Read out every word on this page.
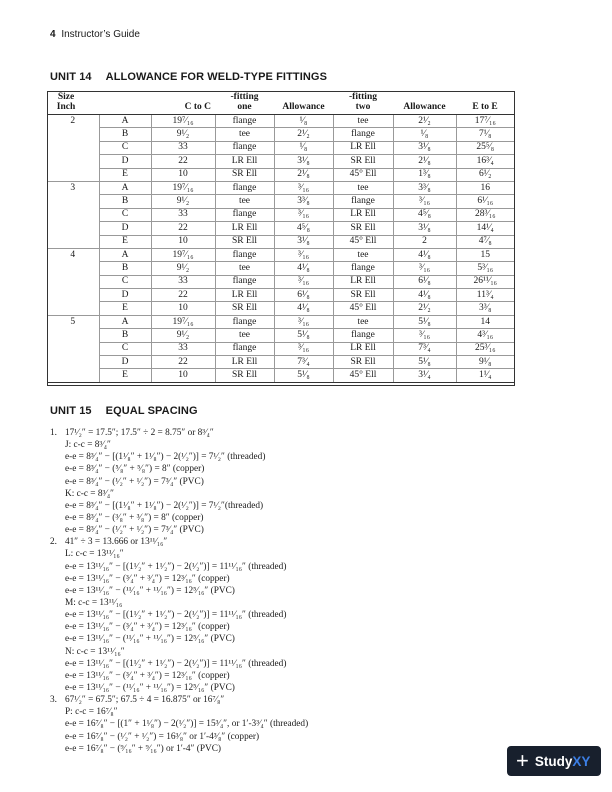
4 Instructor’s Guide
UNIT 14 ALLOWANCE FOR WELD-TYPE FITTINGS
Size Inch		C to C	-fitting one	Allowance	-fitting two	Allowance	E to E
2	A	19⁷⁄₁₆	flange	¹⁄₈	tee	2¹⁄₂	17⁷⁄₁₆
	B	9¹⁄₂	tee	2¹⁄₂	flange	¹⁄₈	7¹⁄₈
	C	33	flange	¹⁄₈	LR Ell	3¹⁄₈	25⁵⁄₈
	D	22	LR Ell	3¹⁄₈	SR Ell	2¹⁄₈	16³⁄₄
	E	10	SR Ell	2¹⁄₈	45° Ell	1³⁄₈	6¹⁄₂
3	A	19⁷⁄₁₆	flange	³⁄₁₆	tee	3³⁄₈	16
	B	9¹⁄₂	tee	3³⁄₈	flange	³⁄₁₆	6¹⁄₁₆
	C	33	flange	³⁄₁₆	LR Ell	4⁵⁄₈	28³⁄₁₆
	D	22	LR Ell	4⁵⁄₈	SR Ell	3¹⁄₈	14¹⁄₄
	E	10	SR Ell	3¹⁄₈	45° Ell	2	4⁷⁄₈
4	A	19⁷⁄₁₆	flange	³⁄₁₆	tee	4¹⁄₈	15
	B	9¹⁄₂	tee	4¹⁄₈	flange	³⁄₁₆	5³⁄₁₆
	C	33	flange	³⁄₁₆	LR Ell	6¹⁄₈	26¹¹⁄₁₆
	D	22	LR Ell	6¹⁄₈	SR Ell	4¹⁄₈	11³⁄₄
	E	10	SR Ell	4¹⁄₈	45° Ell	2¹⁄₂	3³⁄₈
5	A	19⁷⁄₁₆	flange	³⁄₁₆	tee	5¹⁄₈	14
	B	9¹⁄₂	tee	5¹⁄₈	flange	³⁄₁₆	4³⁄₁₆
	C	33	flange	³⁄₁₆	LR Ell	7³⁄₄	25³⁄₁₆
	D	22	LR Ell	7³⁄₄	SR Ell	5¹⁄₈	9¹⁄₈
	E	10	SR Ell	5¹⁄₈	45° Ell	3¹⁄₄	1¹⁄₄
UNIT 15 EQUAL SPACING
1. 17¹⁄₂″ = 17.5″; 17.5″ ÷ 2 = 8.75″ or 8³⁄₄″
J: c-c = 8³⁄₄″
e-e = 8³⁄₄″ − [(1¹⁄₈″ + 1¹⁄₈″) − 2(¹⁄₂″)] = 7¹⁄₂″ (threaded)
e-e = 8³⁄₄″ − (⁵⁄₈″ + ⁵⁄₈″) = 8″ (copper)
e-e = 8³⁄₄″ − (¹⁄₂″ + ¹⁄₂″) = 7³⁄₄″ (PVC)
K: c-c = 8³⁄₄″
e-e = 8³⁄₄″ − [(1¹⁄₈″ + 1¹⁄₈″) − 2(¹⁄₂″)] = 7¹⁄₂″(threaded)
e-e = 8³⁄₄″ − (³⁄₈″ + ³⁄₈″) = 8″ (copper)
e-e = 8³⁄₄″ − (¹⁄₂″ + ¹⁄₂″) = 7³⁄₄″ (PVC)
2. 41″ ÷ 3 = 13.666 or 13¹¹⁄₁₆″
L: c-c = 13¹¹⁄₁₆″
e-e = 13¹¹⁄₁₆″ − [(1¹⁄₂″ + 1¹⁄₂″) − 2(¹⁄₂″)] = 11¹¹⁄₁₆″ (threaded)
e-e = 13¹¹⁄₁₆″ − (³⁄₄″ + ³⁄₄″) = 12³⁄₁₆″ (copper)
e-e = 13¹¹⁄₁₆″ − (¹¹⁄₁₆″ + ¹¹⁄₁₆″) = 12⁵⁄₁₆″ (PVC)
M: c-c = 13¹¹⁄₁₆
e-e = 13¹¹⁄₁₆″ − [(1¹⁄₂″ + 1¹⁄₂″) − 2(¹⁄₂″)] = 11¹¹⁄₁₆″ (threaded)
e-e = 13¹¹⁄₁₆″ − (³⁄₄″ + ³⁄₄″) = 12³⁄₁₆″ (copper)
e-e = 13¹¹⁄₁₆″ − (¹¹⁄₁₆″ + ¹¹⁄₁₆″) = 12⁵⁄₁₆″ (PVC)
N: c-c = 13¹¹⁄₁₆″
e-e = 13¹¹⁄₁₆″ − [(1¹⁄₂″ + 1¹⁄₂″) − 2(¹⁄₂″)] = 11¹¹⁄₁₆″ (threaded)
e-e = 13¹¹⁄₁₆″ − (³⁄₄″ + ³⁄₄″) = 12³⁄₁₆″ (copper)
e-e = 13¹¹⁄₁₆″ − (¹¹⁄₁₆″ + ¹¹⁄₁₆″) = 12⁵⁄₁₆″ (PVC)
3. 67¹⁄₂″ = 67.5″; 67.5 ÷ 4 = 16.875″ or 16⁷⁄₈″
P: c-c = 16⁷⁄₈″
e-e = 16⁷⁄₈″ − [(1″ + 1¹⁄₈″) − 2(¹⁄₂″)] = 15³⁄₄″, or 1′-3³⁄₄″ (threaded)
e-e = 16⁷⁄₈″ − (¹⁄₂″ + ¹⁄₂″) = 16³⁄₈″ or 1′-4³⁄₈″ (copper)
e-e = 16⁷⁄₈″ − (⁹⁄₁₆″ + ⁹⁄₁₆″) or 1′-4″ (PVC)	+ StudyXY
